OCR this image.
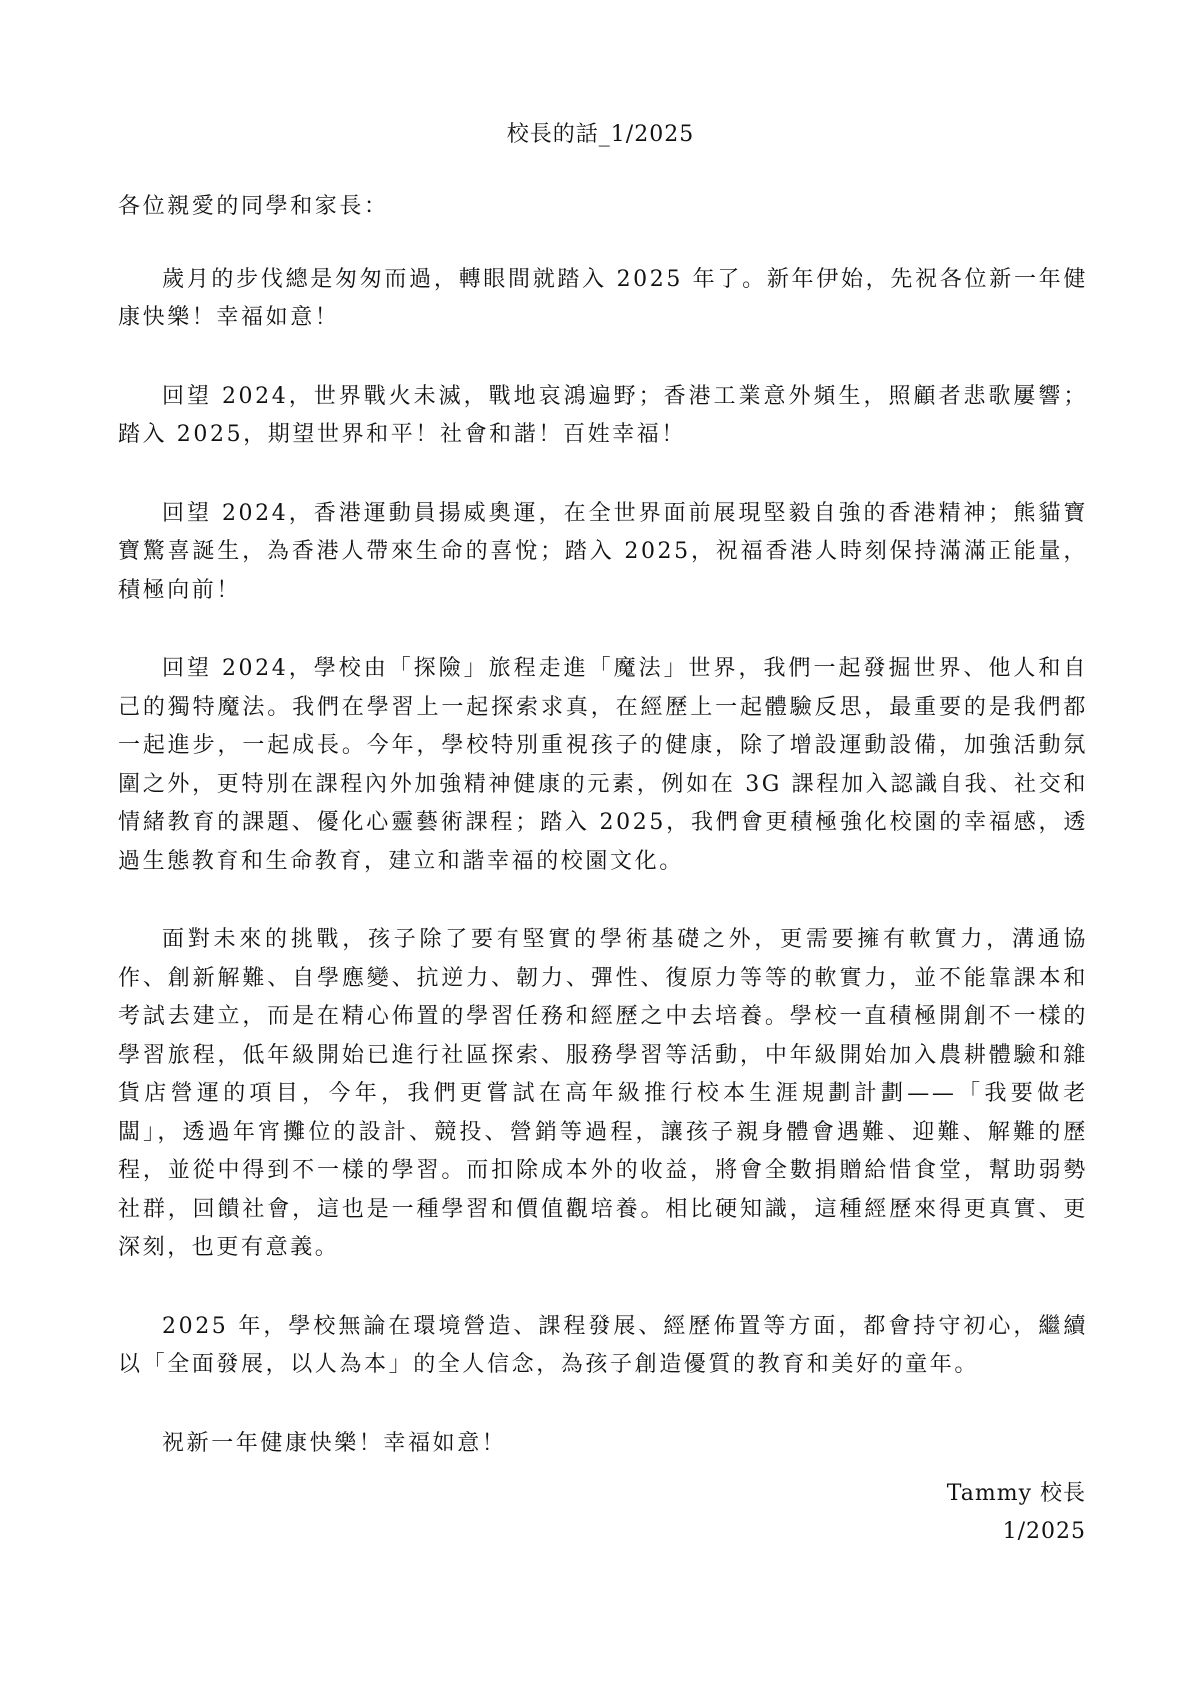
校長的話_1/2025

各位親愛的同學和家長：

歲月的步伐總是匆匆而過，轉眼間就踏入 2025 年了。新年伊始，先祝各位新一年健康快樂！幸福如意！

回望 2024，世界戰火未滅，戰地哀鴻遍野；香港工業意外頻生，照顧者悲歌屢響；踏入 2025，期望世界和平！社會和諧！百姓幸福！

回望 2024，香港運動員揚威奧運，在全世界面前展現堅毅自強的香港精神；熊貓寶寶驚喜誕生，為香港人帶來生命的喜悅；踏入 2025，祝福香港人時刻保持滿滿正能量，積極向前！

回望 2024，學校由「探險」旅程走進「魔法」世界，我們一起發掘世界、他人和自己的獨特魔法。我們在學習上一起探索求真，在經歷上一起體驗反思，最重要的是我們都一起進步，一起成長。今年，學校特別重視孩子的健康，除了增設運動設備，加強活動氛圍之外，更特別在課程內外加強精神健康的元素，例如在 3G 課程加入認識自我、社交和情緒教育的課題、優化心靈藝術課程；踏入 2025，我們會更積極強化校園的幸福感，透過生態教育和生命教育，建立和諧幸福的校園文化。

面對未來的挑戰，孩子除了要有堅實的學術基礎之外，更需要擁有軟實力，溝通協作、創新解難、自學應變、抗逆力、韌力、彈性、復原力等等的軟實力，並不能靠課本和考試去建立，而是在精心佈置的學習任務和經歷之中去培養。學校一直積極開創不一樣的學習旅程，低年級開始已進行社區探索、服務學習等活動，中年級開始加入農耕體驗和雜貨店營運的項目，今年，我們更嘗試在高年級推行校本生涯規劃計劃——「我要做老闆」，透過年宵攤位的設計、競投、營銷等過程，讓孩子親身體會遇難、迎難、解難的歷程，並從中得到不一樣的學習。而扣除成本外的收益，將會全數捐贈給惜食堂，幫助弱勢社群，回饋社會，這也是一種學習和價值觀培養。相比硬知識，這種經歷來得更真實、更深刻，也更有意義。

2025 年，學校無論在環境營造、課程發展、經歷佈置等方面，都會持守初心，繼續以「全面發展，以人為本」的全人信念，為孩子創造優質的教育和美好的童年。

祝新一年健康快樂！幸福如意！

Tammy 校長
1/2025
